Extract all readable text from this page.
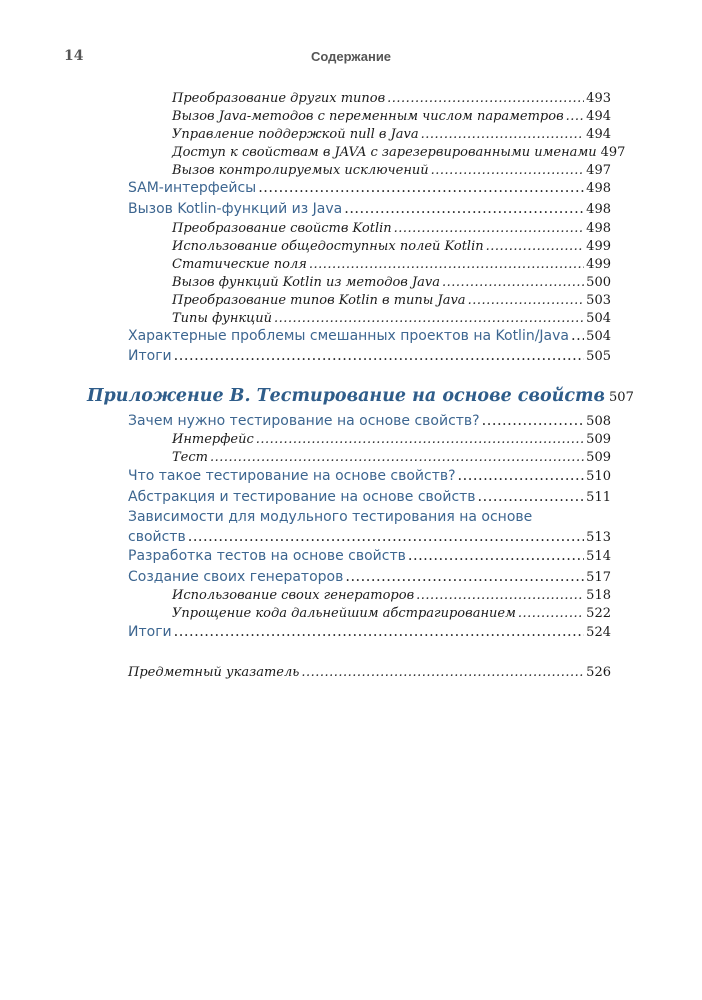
14	Содержание
Преобразование других типов .....	493
Вызов Java-методов с переменным числом параметров ..... 494
Управление поддержкой null в Java .....	494
Доступ к свойствам в JAVA с зарезервированными именами 497
Вызов контролируемых исключений .....	497
SAM-интерфейсы .....	498
Вызов Kotlin-функций из Java .....	498
Преобразование свойств Kotlin .....	498
Использование общедоступных полей Kotlin .....	499
Статические поля .....	499
Вызов функций Kotlin из методов Java .....	500
Преобразование типов Kotlin в типы Java .....	503
Типы функций .....	504
Характерные проблемы смешанных проектов на Kotlin/Java ..... 504
Итоги .....	505
Приложение B. Тестирование на основе свойств 507
Зачем нужно тестирование на основе свойств? .....	508
Интерфейс .....	509
Тест .....	509
Что такое тестирование на основе свойств? .....	510
Абстракция и тестирование на основе свойств .....	511
Зависимости для модульного тестирования на основе
свойств .....	513
Разработка тестов на основе свойств .....	514
Создание своих генераторов .....	517
Использование своих генераторов .....	518
Упрощение кода дальнейшим абстрагированием .....	522
Итоги .....	524
Предметный указатель .....	526
